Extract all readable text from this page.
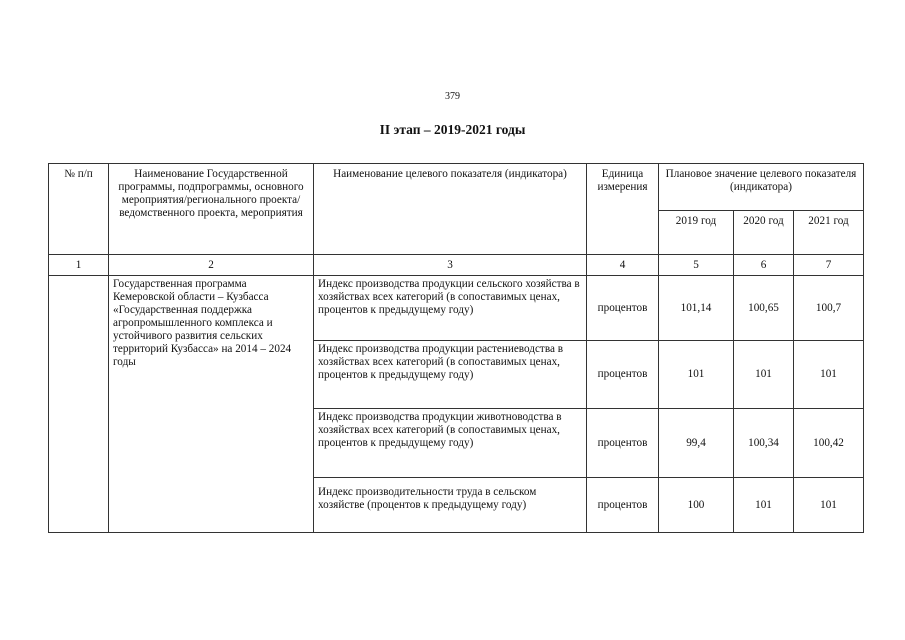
379
II этап – 2019-2021 годы
№ п/п	Наименование Государственной программы, подпрограммы, основного мероприятия/регионального проекта/ведомственного проекта, мероприятия	Наименование целевого показателя (индикатора)	Единица измерения	Плановое значение целевого показателя (индикатора)		
				2019 год	2020 год	2021 год
1	2	3	4	5	6	7
	Государственная программа Кемеровской области – Кузбасса «Государственная поддержка агропромышленного комплекса и устойчивого развития сельских территорий Кузбасса» на 2014 – 2024 годы	Индекс производства продукции сельского хозяйства в хозяйствах всех категорий (в сопоставимых ценах, процентов к предыдущему году)	процентов	101,14	100,65	100,7
		Индекс производства продукции растениеводства в хозяйствах всех категорий (в сопоставимых ценах, процентов к предыдущему году)	процентов	101	101	101
		Индекс производства продукции животноводства в хозяйствах всех категорий (в сопоставимых ценах, процентов к предыдущему году)	процентов	99,4	100,34	100,42
		Индекс производительности труда в сельском хозяйстве (процентов к предыдущему году)	процентов	100	101	101
